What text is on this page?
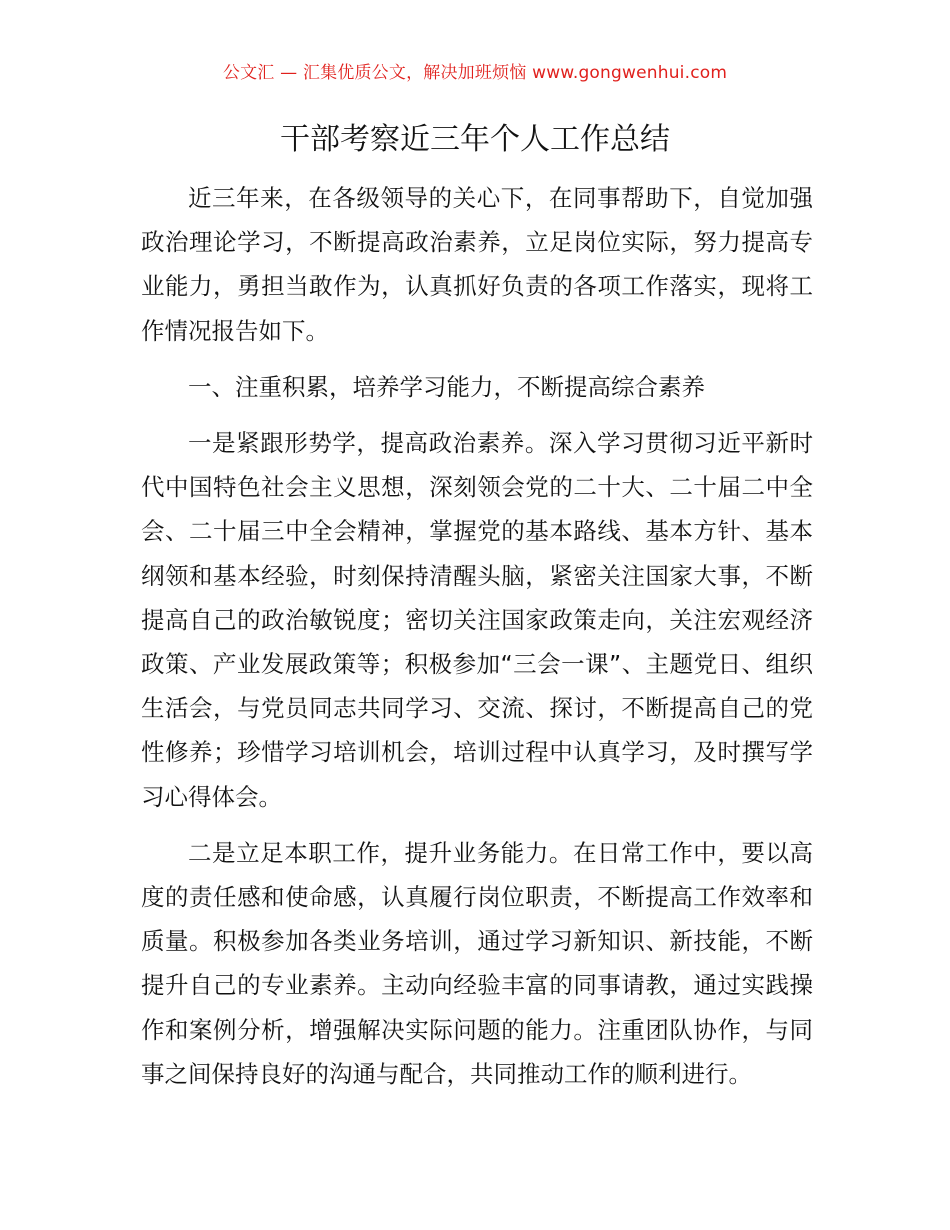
公文汇 — 汇集优质公文，解决加班烦恼 www.gongwenhui.com
干部考察近三年个人工作总结

近三年来，在各级领导的关心下，在同事帮助下，自觉加强政治理论学习，不断提高政治素养，立足岗位实际，努力提高专业能力，勇担当敢作为，认真抓好负责的各项工作落实，现将工作情况报告如下。

一、注重积累，培养学习能力，不断提高综合素养

一是紧跟形势学，提高政治素养。深入学习贯彻习近平新时代中国特色社会主义思想，深刻领会党的二十大、二十届二中全会、二十届三中全会精神，掌握党的基本路线、基本方针、基本纲领和基本经验，时刻保持清醒头脑，紧密关注国家大事，不断提高自己的政治敏锐度；密切关注国家政策走向，关注宏观经济政策、产业发展政策等；积极参加“三会一课”、主题党日、组织生活会，与党员同志共同学习、交流、探讨，不断提高自己的党性修养；珍惜学习培训机会，培训过程中认真学习，及时撰写学习心得体会。

二是立足本职工作，提升业务能力。在日常工作中，要以高度的责任感和使命感，认真履行岗位职责，不断提高工作效率和质量。积极参加各类业务培训，通过学习新知识、新技能，不断提升自己的专业素养。主动向经验丰富的同事请教，通过实践操作和案例分析，增强解决实际问题的能力。注重团队协作，与同事之间保持良好的沟通与配合，共同推动工作的顺利进行。
